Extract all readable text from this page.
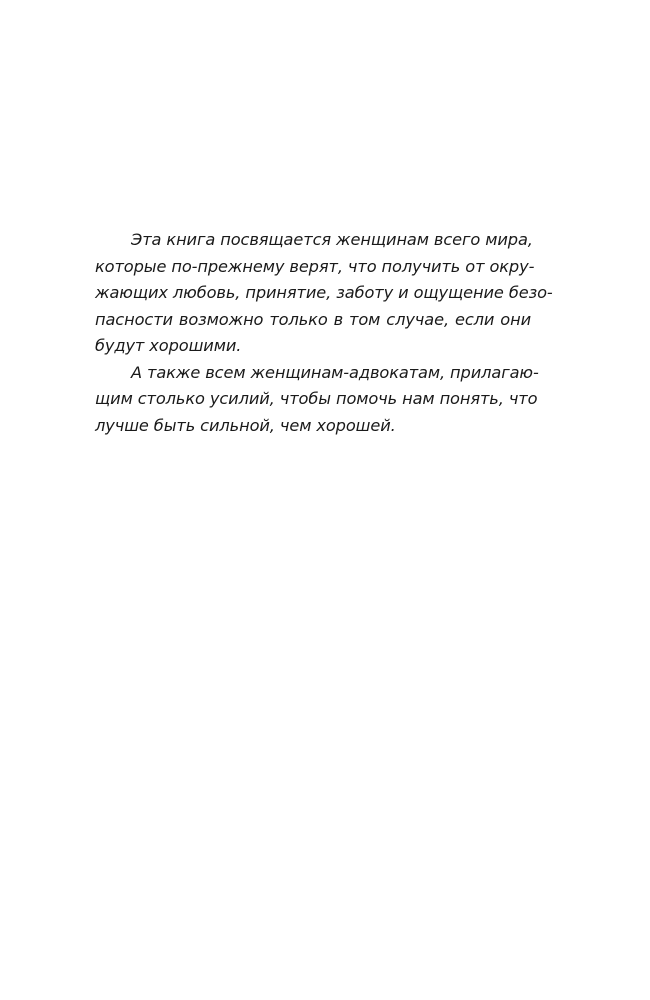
Эта книга посвящается женщинам всего мира,
которые по-прежнему верят, что получить от окру-
жающих любовь, принятие, заботу и ощущение безо-
пасности возможно только в том случае, если они
будут хорошими.
А также всем женщинам-адвокатам, прилагаю-
щим столько усилий, чтобы помочь нам понять, что
лучше быть сильной, чем хорошей.
